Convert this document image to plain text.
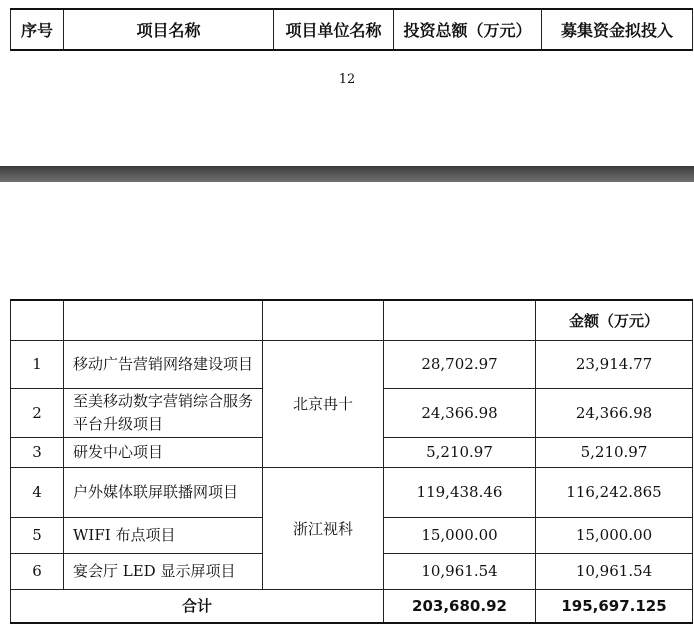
序号	项目名称	项目单位名称	投资总额（万元）	募集资金拟投入
12
				金额（万元）
1	移动广告营销网络建设项目	北京冉十	28,702.97	23,914.77
2	至美移动数字营销综合服务平台升级项目		24,366.98	24,366.98
3	研发中心项目		5,210.97	5,210.97
4	户外媒体联屏联播网项目	浙江视科	119,438.46	116,242.865
5	WIFI 布点项目		15,000.00	15,000.00
6	宴会厅 LED 显示屏项目		10,961.54	10,961.54
合计			203,680.92	195,697.125
